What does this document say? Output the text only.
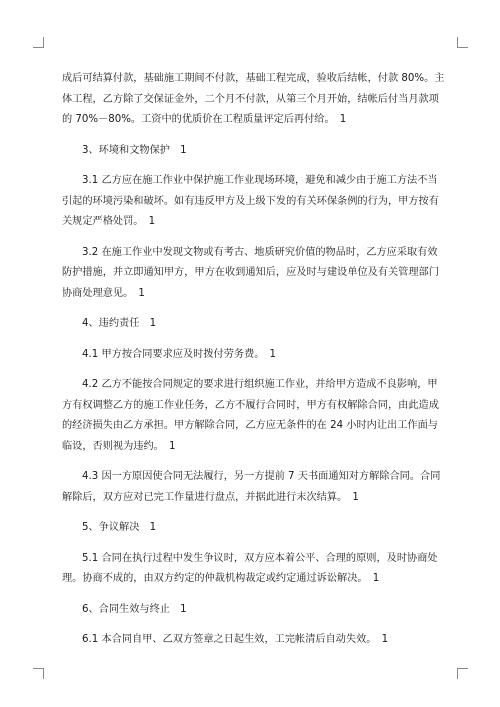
成后可结算付款，基础施工期间不付款，基础工程完成，验收后结帐，付款 80%。主

体工程，乙方除了交保证金外，二个月不付款，从第三个月开始，结帐后付当月款项

的 70%－80%。工资中的优质价在工程质量评定后再付给。　1

3、环境和文物保护　1

3.1 乙方应在施工作业中保护施工作业现场环境，避免和减少由于施工方法不当

引起的环境污染和破坏。如有违反甲方及上级下发的有关环保条例的行为，甲方按有

关规定严格处罚。　1

3.2 在施工作业中发现文物或有考古、地质研究价值的物品时，乙方应采取有效

防护措施，并立即通知甲方，甲方在收到通知后，应及时与建设单位及有关管理部门

协商处理意见。　1

4、违约责任　1

4.1 甲方按合同要求应及时拨付劳务费。　1

4.2 乙方不能按合同规定的要求进行组织施工作业，并给甲方造成不良影响，甲

方有权调整乙方的施工作业任务，乙方不履行合同时，甲方有权解除合同，由此造成

的经济损失由乙方承担。甲方解除合同，乙方应无条件的在 24 小时内让出工作面与

临设，否则视为违约。　1

4.3 因一方原因使合同无法履行，另一方提前 7 天书面通知对方解除合同。合同

解除后，双方应对已完工作量进行盘点，并据此进行末次结算。　1

5、争议解决　1

5.1 合同在执行过程中发生争议时，双方应本着公平、合理的原则，及时协商处

理。协商不成的，由双方约定的仲裁机构裁定或约定通过诉讼解决。　1

6、合同生效与终止　1

6.1 本合同自甲、乙双方签章之日起生效，工完帐清后自动失效。　1
